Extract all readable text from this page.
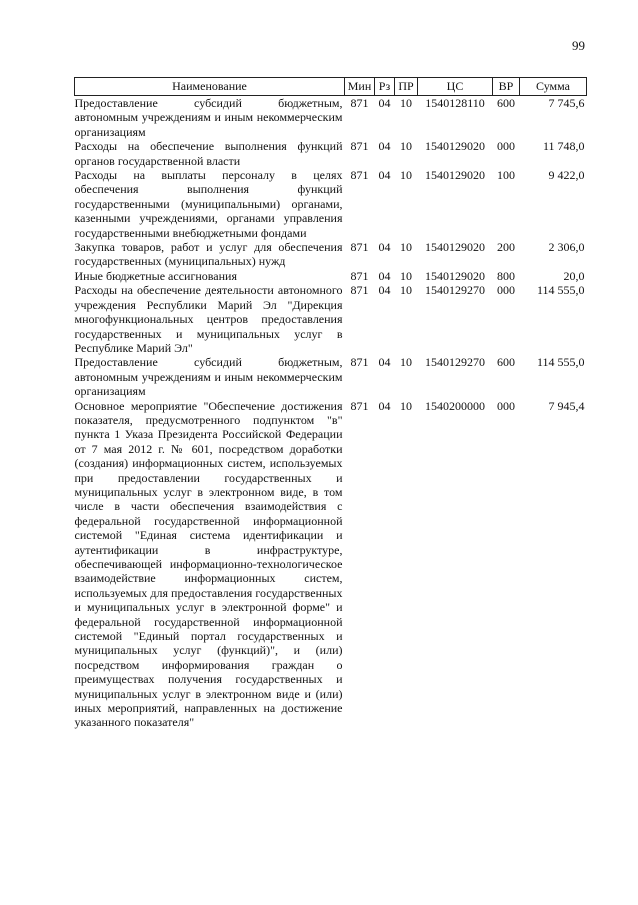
99
Наименование	Мин	Рз	ПР	ЦС	ВР	Сумма
Предоставление субсидий бюджетным, автономным учреждениям и иным некоммерческим организациям	871	04	10	1540128110	600	7 745,6
Расходы на обеспечение выполнения функций органов государственной власти	871	04	10	1540129020	000	11 748,0
Расходы на выплаты персоналу в целях обеспечения выполнения функций государственными (муниципальными) органами, казенными учреждениями, органами управления государственными внебюджетными фондами	871	04	10	1540129020	100	9 422,0
Закупка товаров, работ и услуг для обеспечения государственных (муниципальных) нужд	871	04	10	1540129020	200	2 306,0
Иные бюджетные ассигнования	871	04	10	1540129020	800	20,0
Расходы на обеспечение деятельности автономного учреждения Республики Марий Эл "Дирекция многофункциональных центров предоставления государственных и муниципальных услуг в Республике Марий Эл"	871	04	10	1540129270	000	114 555,0
Предоставление субсидий бюджетным, автономным учреждениям и иным некоммерческим организациям	871	04	10	1540129270	600	114 555,0
Основное мероприятие "Обеспечение достижения показателя, предусмотренного подпунктом "в" пункта 1 Указа Президента Российской Федерации от 7 мая 2012 г. № 601, посредством доработки (создания) информационных систем, используемых при предоставлении государственных и муниципальных услуг в электронном виде, в том числе в части обеспечения взаимодействия с федеральной государственной информационной системой "Единая система идентификации и аутентификации в инфраструктуре, обеспечивающей информационно-технологическое взаимодействие информационных систем, используемых для предоставления государственных и муниципальных услуг в электронной форме" и федеральной государственной информационной системой "Единый портал государственных и муниципальных услуг (функций)", и (или) посредством информирования граждан о преимуществах получения государственных и муниципальных услуг в электронном виде и (или) иных мероприятий, направленных на достижение указанного показателя"	871	04	10	1540200000	000	7 945,4
